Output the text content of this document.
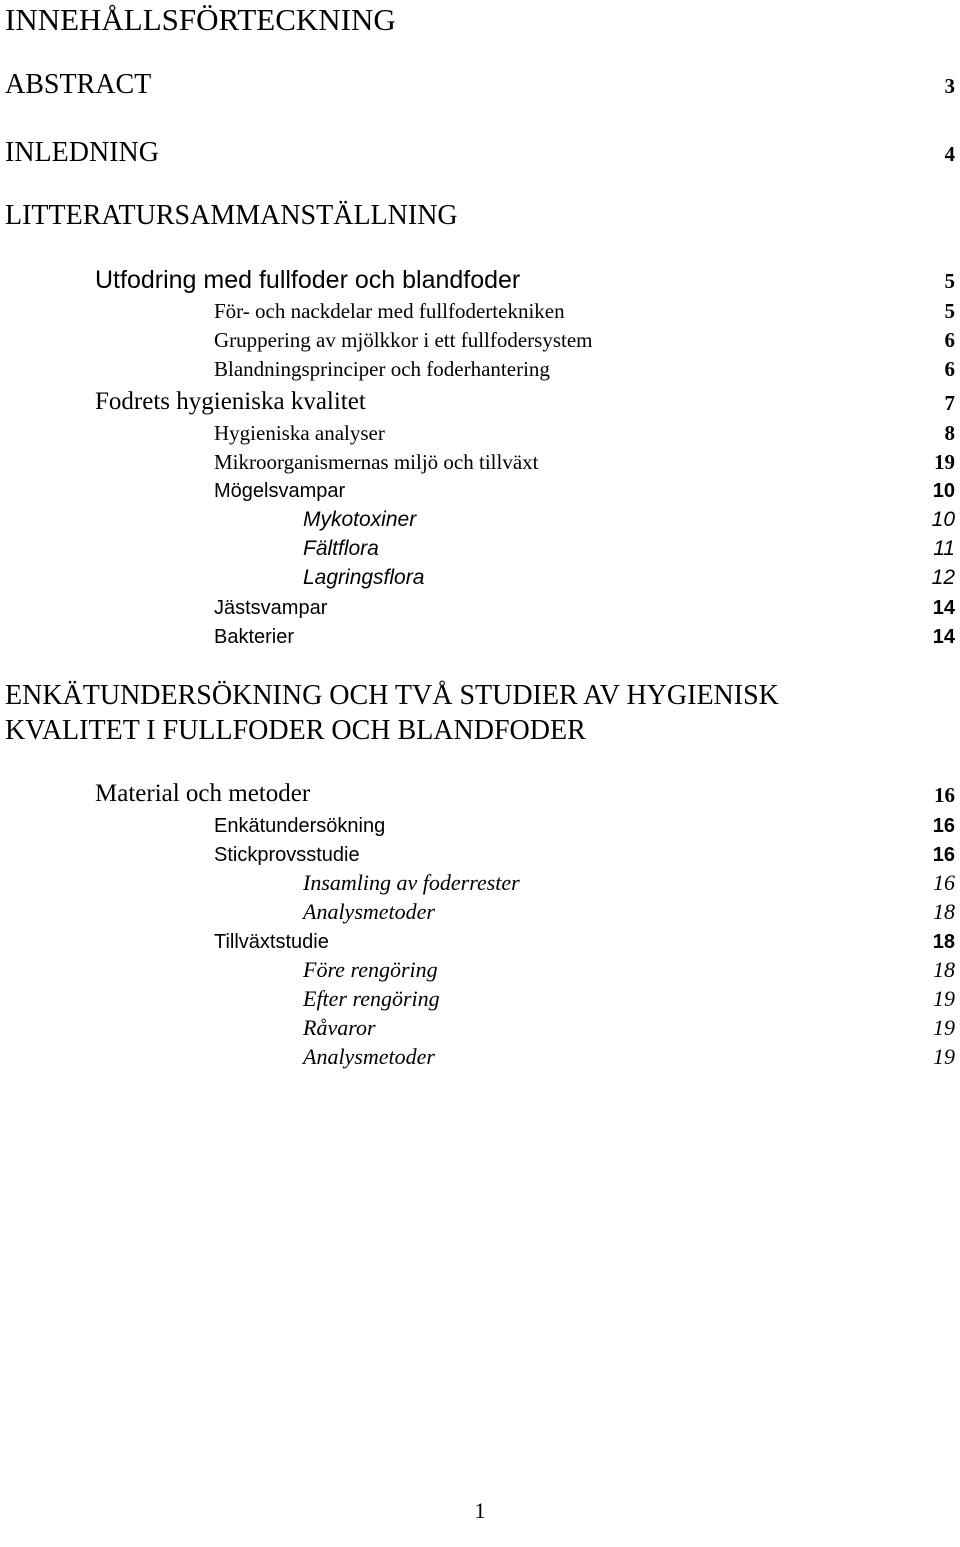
INNEHÅLLSFÖRTECKNING
ABSTRACT	3
INLEDNING	4
LITTERATURSAMMANSTÄLLNING
Utfodring med fullfoder och blandfoder	5
För- och nackdelar med fullfodertekniken	5
Gruppering av mjölkkor i ett fullfodersystem	6
Blandningsprinciper och foderhantering	6
Fodrets hygieniska kvalitet	7
Hygieniska analyser	8
Mikroorganismernas miljö och tillväxt	19
Mögelsvampar	10
Mykotoxiner	10
Fältflora	11
Lagringsflora	12
Jästsvampar	14
Bakterier	14
ENKÄTUNDERSÖKNING OCH TVÅ STUDIER AV HYGIENISK
KVALITET I FULLFODER OCH BLANDFODER
Material och metoder	16
Enkätundersökning	16
Stickprovsstudie	16
Insamling av foderrester	16
Analysmetoder	18
Tillväxtstudie	18
Före rengöring	18
Efter rengöring	19
Råvaror	19
Analysmetoder	19
1
